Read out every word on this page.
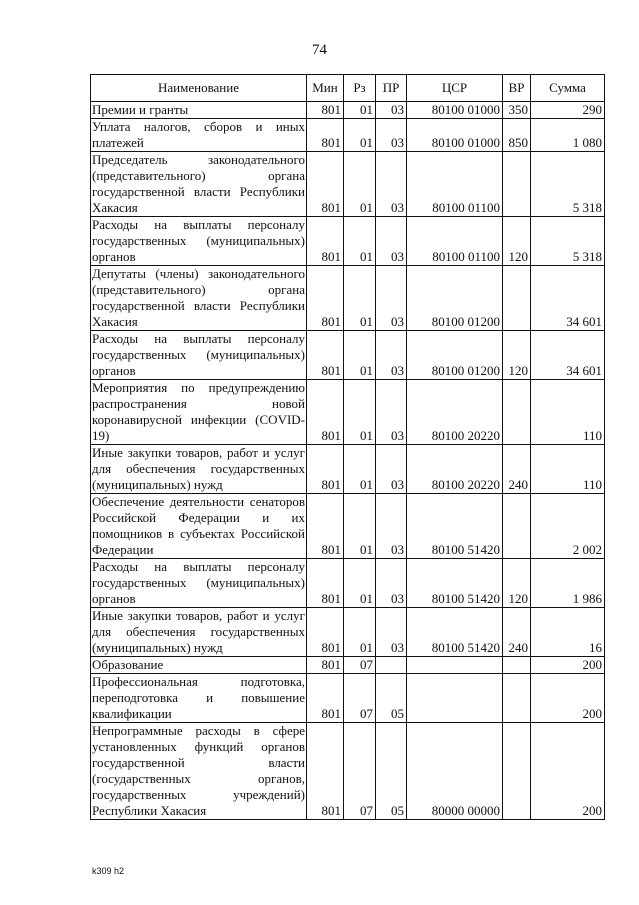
74
Наименование	Мин	Рз	ПР	ЦСР	ВР	Сумма
Премии и гранты	801	01	03	80100 01000	350	290
Уплата налогов, сборов и иных платежей	801	01	03	80100 01000	850	1 080
Председатель законодательного (представительного) органа государственной власти Республики Хакасия	801	01	03	80100 01100		5 318
Расходы на выплаты персоналу государственных (муниципальных) органов	801	01	03	80100 01100	120	5 318
Депутаты (члены) законодательного (представительного) органа государственной власти Республики Хакасия	801	01	03	80100 01200		34 601
Расходы на выплаты персоналу государственных (муниципальных) органов	801	01	03	80100 01200	120	34 601
Мероприятия по предупреждению распространения новой коронавирусной инфекции (COVID-19)	801	01	03	80100 20220		110
Иные закупки товаров, работ и услуг для обеспечения государственных (муниципальных) нужд	801	01	03	80100 20220	240	110
Обеспечение деятельности сенаторов Российской Федерации и их помощников в субъектах Российской Федерации	801	01	03	80100 51420		2 002
Расходы на выплаты персоналу государственных (муниципальных) органов	801	01	03	80100 51420	120	1 986
Иные закупки товаров, работ и услуг для обеспечения государственных (муниципальных) нужд	801	01	03	80100 51420	240	16
Образование	801	07				200
Профессиональная подготовка, переподготовка и повышение квалификации	801	07	05			200
Непрограммные расходы в сфере установленных функций органов государственной власти (государственных органов, государственных учреждений) Республики Хакасия	801	07	05	80000 00000		200
k309 h2
